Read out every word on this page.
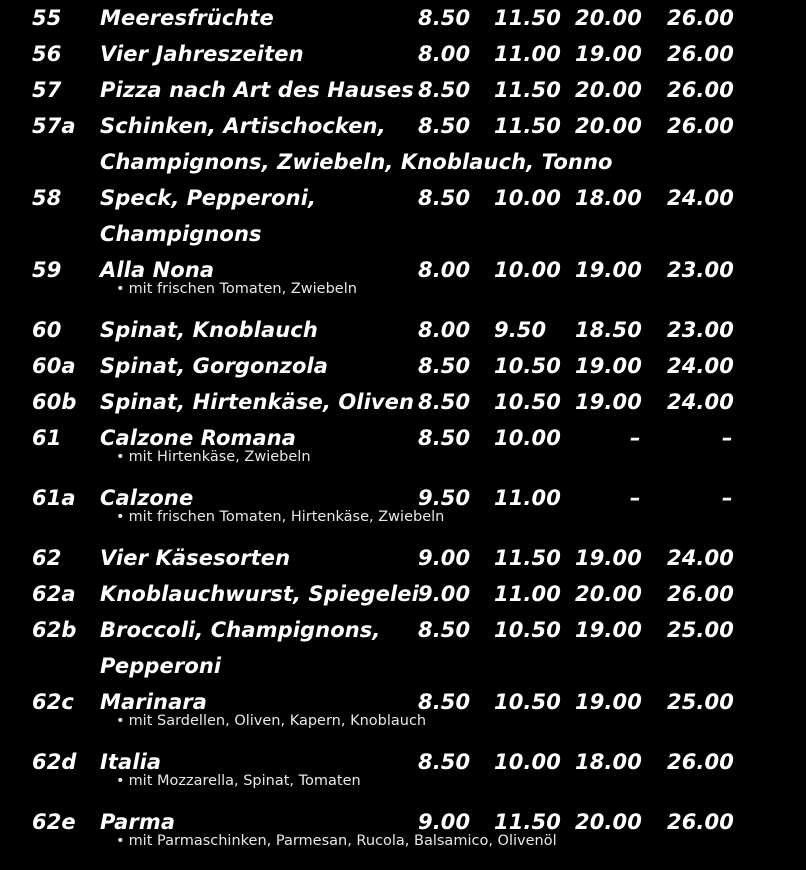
55 Meeresfrüchte	8.50 11.50 20.00 26.00
56 Vier Jahreszeiten	8.00 11.00 19.00 26.00
57 Pizza nach Art des Hauses 8.50 11.50 20.00 26.00
57a Schinken, Artischocken, 8.50 11.50 20.00 26.00
Champignons, Zwiebeln, Knoblauch, Tonno
58 Speck, Pepperoni,	8.50 10.00 18.00 24.00
Champignons
59 Alla Nona	8.00 10.00 19.00 23.00
• mit frischen Tomaten, Zwiebeln
60 Spinat, Knoblauch	8.00 9.50 18.50 23.00
60a Spinat, Gorgonzola	8.50 10.50 19.00 24.00
60b Spinat, Hirtenkäse, Oliven 8.50 10.50 19.00 24.00
61 Calzone Romana	8.50 10.00	–	–
• mit Hirtenkäse, Zwiebeln
61a Calzone	9.50 11.00	–	–
• mit frischen Tomaten, Hirtenkäse, Zwiebeln
62 Vier Käsesorten	9.00 11.50 19.00 24.00
62a Knoblauchwurst, Spiegelei 9.00 11.00 20.00 26.00
62b Broccoli, Champignons, 8.50 10.50 19.00 25.00
Pepperoni
62c Marinara	8.50 10.50 19.00 25.00
• mit Sardellen, Oliven, Kapern, Knoblauch
62d Italia	8.50 10.00 18.00 26.00
• mit Mozzarella, Spinat, Tomaten
62e Parma	9.00 11.50 20.00 26.00
• mit Parmaschinken, Parmesan, Rucola, Balsamico, Olivenöl
